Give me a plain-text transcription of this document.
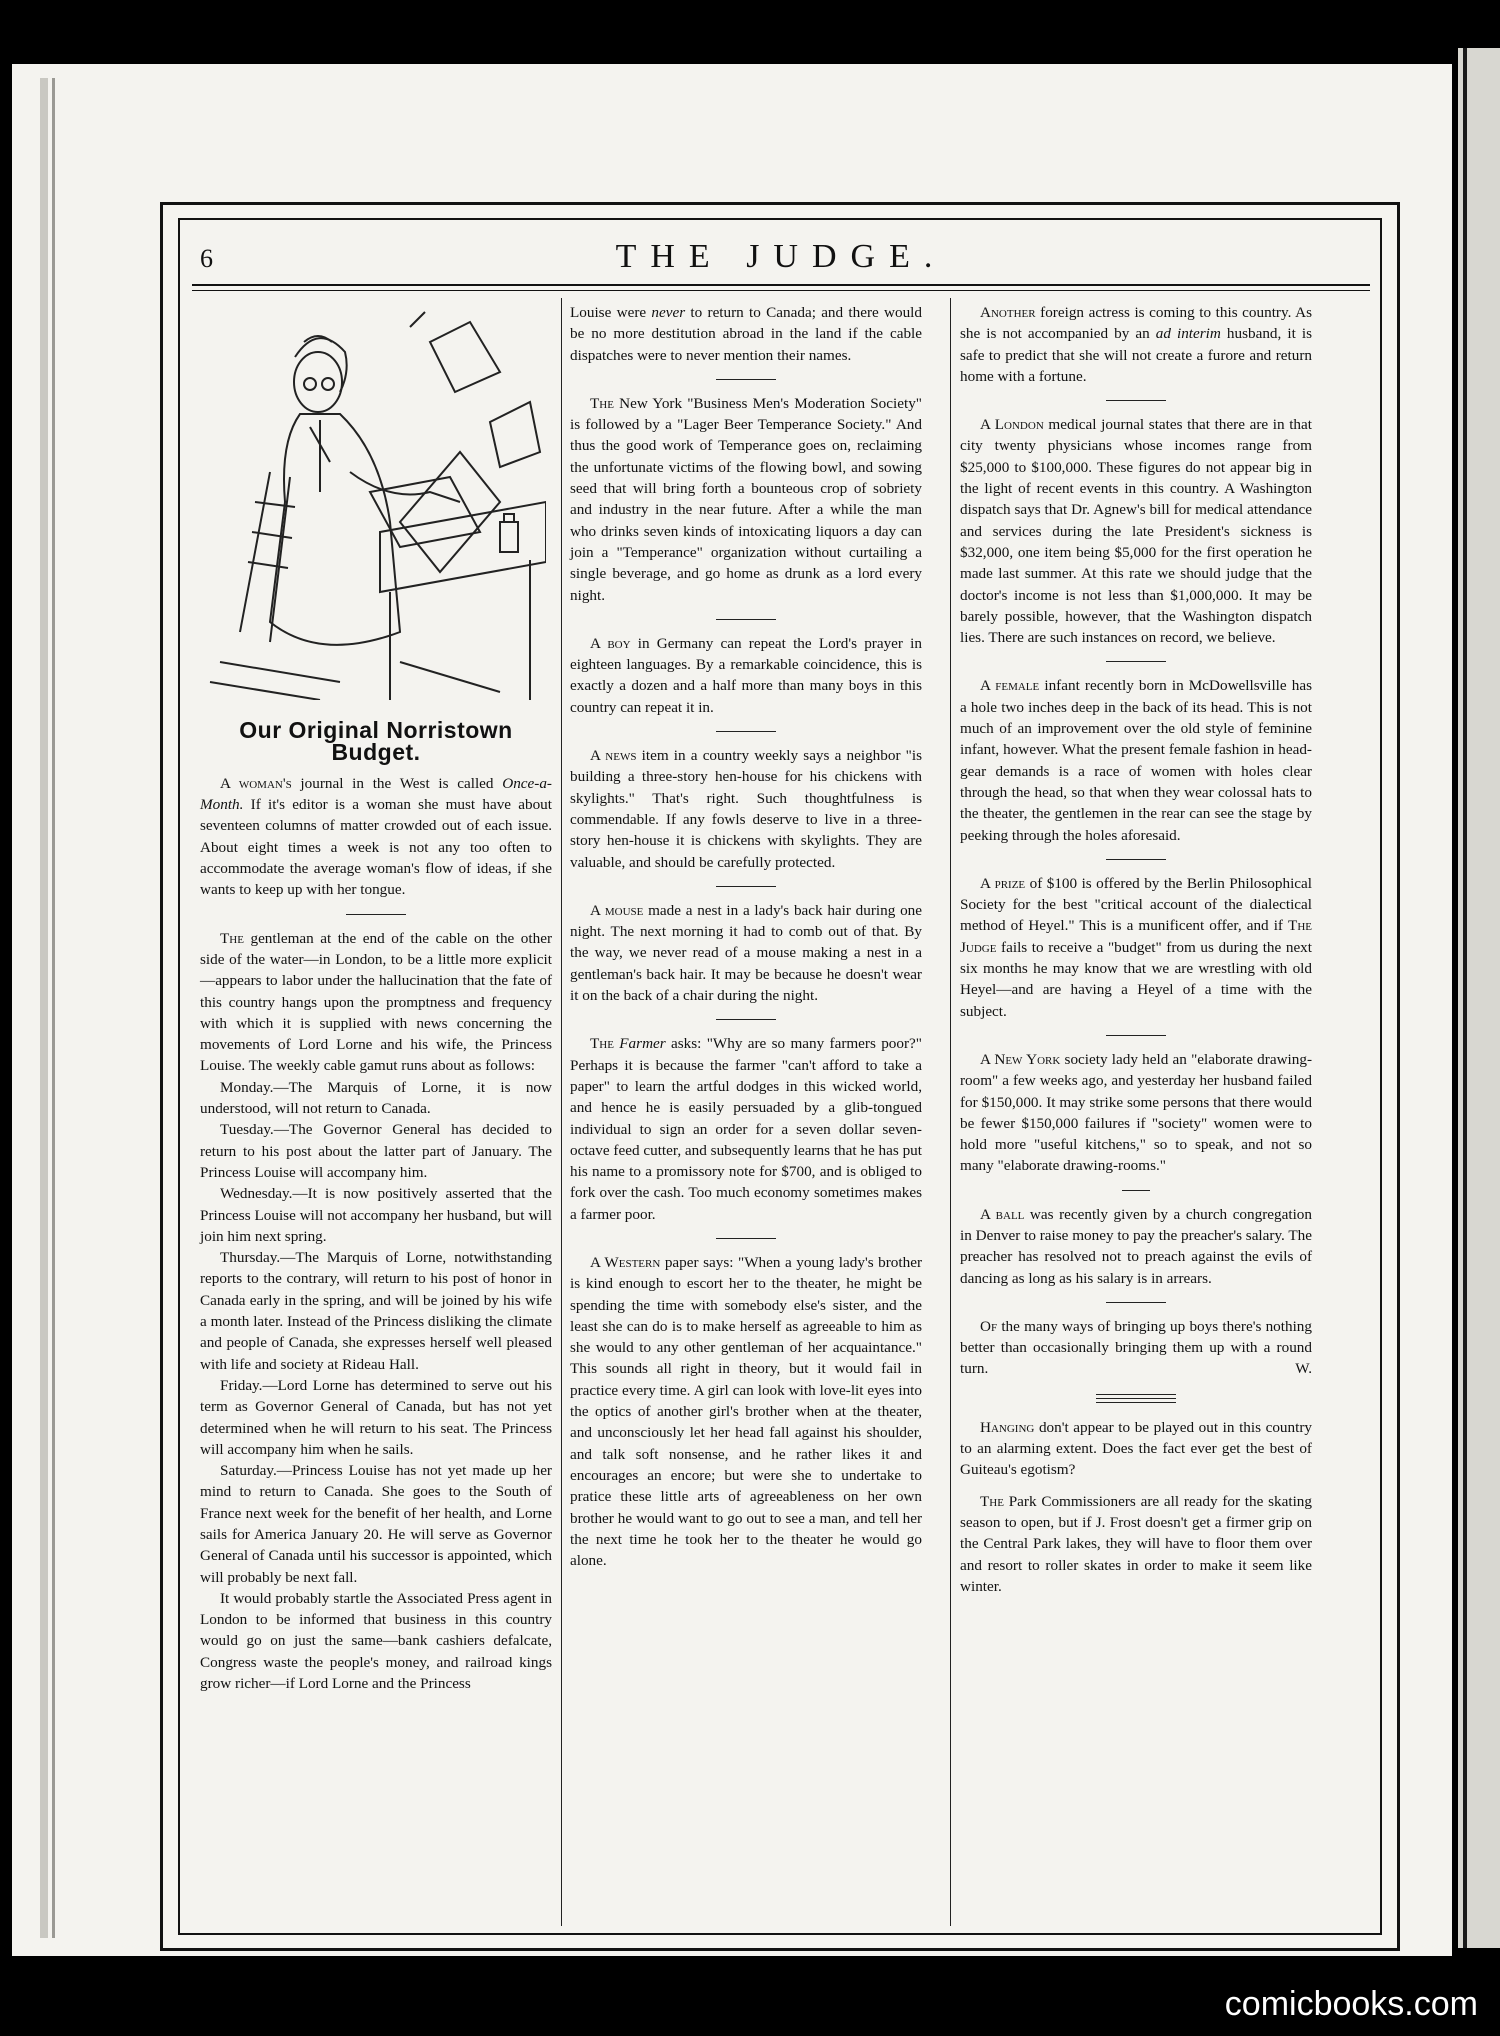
6	THE JUDGE.
Our Original Norristown Budget.

A woman's journal in the West is called Once-a-Month. If it's editor is a woman she must have about seventeen columns of matter crowded out of each issue. About eight times a week is not any too often to accommodate the average woman's flow of ideas, if she wants to keep up with her tongue.

The gentleman at the end of the cable on the other side of the water—in London, to be a little more explicit—appears to labor under the hallucination that the fate of this country hangs upon the promptness and frequency with which it is supplied with news concerning the movements of Lord Lorne and his wife, the Princess Louise. The weekly cable gamut runs about as follows:

Monday.—The Marquis of Lorne, it is now understood, will not return to Canada.

Tuesday.—The Governor General has decided to return to his post about the latter part of January. The Princess Louise will accompany him.

Wednesday.—It is now positively asserted that the Princess Louise will not accompany her husband, but will join him next spring.

Thursday.—The Marquis of Lorne, notwithstanding reports to the contrary, will return to his post of honor in Canada early in the spring, and will be joined by his wife a month later. Instead of the Princess disliking the climate and people of Canada, she expresses herself well pleased with life and society at Rideau Hall.

Friday.—Lord Lorne has determined to serve out his term as Governor General of Canada, but has not yet determined when he will return to his seat. The Princess will accompany him when he sails.

Saturday.—Princess Louise has not yet made up her mind to return to Canada. She goes to the South of France next week for the benefit of her health, and Lorne sails for America January 20. He will serve as Governor General of Canada until his successor is appointed, which will probably be next fall.

It would probably startle the Associated Press agent in London to be informed that business in this country would go on just the same—bank cashiers defalcate, Congress waste the people's money, and railroad kings grow richer—if Lord Lorne and the Princess

Louise were never to return to Canada; and there would be no more destitution abroad in the land if the cable dispatches were to never mention their names.

The New York "Business Men's Moderation Society" is followed by a "Lager Beer Temperance Society." And thus the good work of Temperance goes on, reclaiming the unfortunate victims of the flowing bowl, and sowing seed that will bring forth a bounteous crop of sobriety and industry in the near future. After a while the man who drinks seven kinds of intoxicating liquors a day can join a "Temperance" organization without curtailing a single beverage, and go home as drunk as a lord every night.

A boy in Germany can repeat the Lord's prayer in eighteen languages. By a remarkable coincidence, this is exactly a dozen and a half more than many boys in this country can repeat it in.

A news item in a country weekly says a neighbor "is building a three-story hen-house for his chickens with skylights." That's right. Such thoughtfulness is commendable. If any fowls deserve to live in a three-story hen-house it is chickens with skylights. They are valuable, and should be carefully protected.

A mouse made a nest in a lady's back hair during one night. The next morning it had to comb out of that. By the way, we never read of a mouse making a nest in a gentleman's back hair. It may be because he doesn't wear it on the back of a chair during the night.

The Farmer asks: "Why are so many farmers poor?" Perhaps it is because the farmer "can't afford to take a paper" to learn the artful dodges in this wicked world, and hence he is easily persuaded by a glib-tongued individual to sign an order for a seven dollar seven-octave feed cutter, and subsequently learns that he has put his name to a promissory note for $700, and is obliged to fork over the cash. Too much economy sometimes makes a farmer poor.

A Western paper says: "When a young lady's brother is kind enough to escort her to the theater, he might be spending the time with somebody else's sister, and the least she can do is to make herself as agreeable to him as she would to any other gentleman of her acquaintance." This sounds all right in theory, but it would fail in practice every time. A girl can look with love-lit eyes into the optics of another girl's brother when at the theater, and unconsciously let her head fall against his shoulder, and talk soft nonsense, and he rather likes it and encourages an encore; but were she to undertake to pratice these little arts of agreeableness on her own brother he would want to go out to see a man, and tell her the next time he took her to the theater he would go alone.

Another foreign actress is coming to this country. As she is not accompanied by an ad interim husband, it is safe to predict that she will not create a furore and return home with a fortune.

A London medical journal states that there are in that city twenty physicians whose incomes range from $25,000 to $100,000. These figures do not appear big in the light of recent events in this country. A Washington dispatch says that Dr. Agnew's bill for medical attendance and services during the late President's sickness is $32,000, one item being $5,000 for the first operation he made last summer. At this rate we should judge that the doctor's income is not less than $1,000,000. It may be barely possible, however, that the Washington dispatch lies. There are such instances on record, we believe.

A female infant recently born in McDowellsville has a hole two inches deep in the back of its head. This is not much of an improvement over the old style of feminine infant, however. What the present female fashion in head-gear demands is a race of women with holes clear through the head, so that when they wear colossal hats to the theater, the gentlemen in the rear can see the stage by peeking through the holes aforesaid.

A prize of $100 is offered by the Berlin Philosophical Society for the best "critical account of the dialectical method of Heyel." This is a munificent offer, and if The Judge fails to receive a "budget" from us during the next six months he may know that we are wrestling with old Heyel—and are having a Heyel of a time with the subject.

A New York society lady held an "elaborate drawing-room" a few weeks ago, and yesterday her husband failed for $150,000. It may strike some persons that there would be fewer $150,000 failures if "society" women were to hold more "useful kitchens," so to speak, and not so many "elaborate drawing-rooms."

A ball was recently given by a church congregation in Denver to raise money to pay the preacher's salary. The preacher has resolved not to preach against the evils of dancing as long as his salary is in arrears.

Of the many ways of bringing up boys there's nothing better than occasionally bringing them up with a round turn.	W.

Hanging don't appear to be played out in this country to an alarming extent. Does the fact ever get the best of Guiteau's egotism?

The Park Commissioners are all ready for the skating season to open, but if J. Frost doesn't get a firmer grip on the Central Park lakes, they will have to floor them over and resort to roller skates in order to make it seem like winter.

comicbooks.com
